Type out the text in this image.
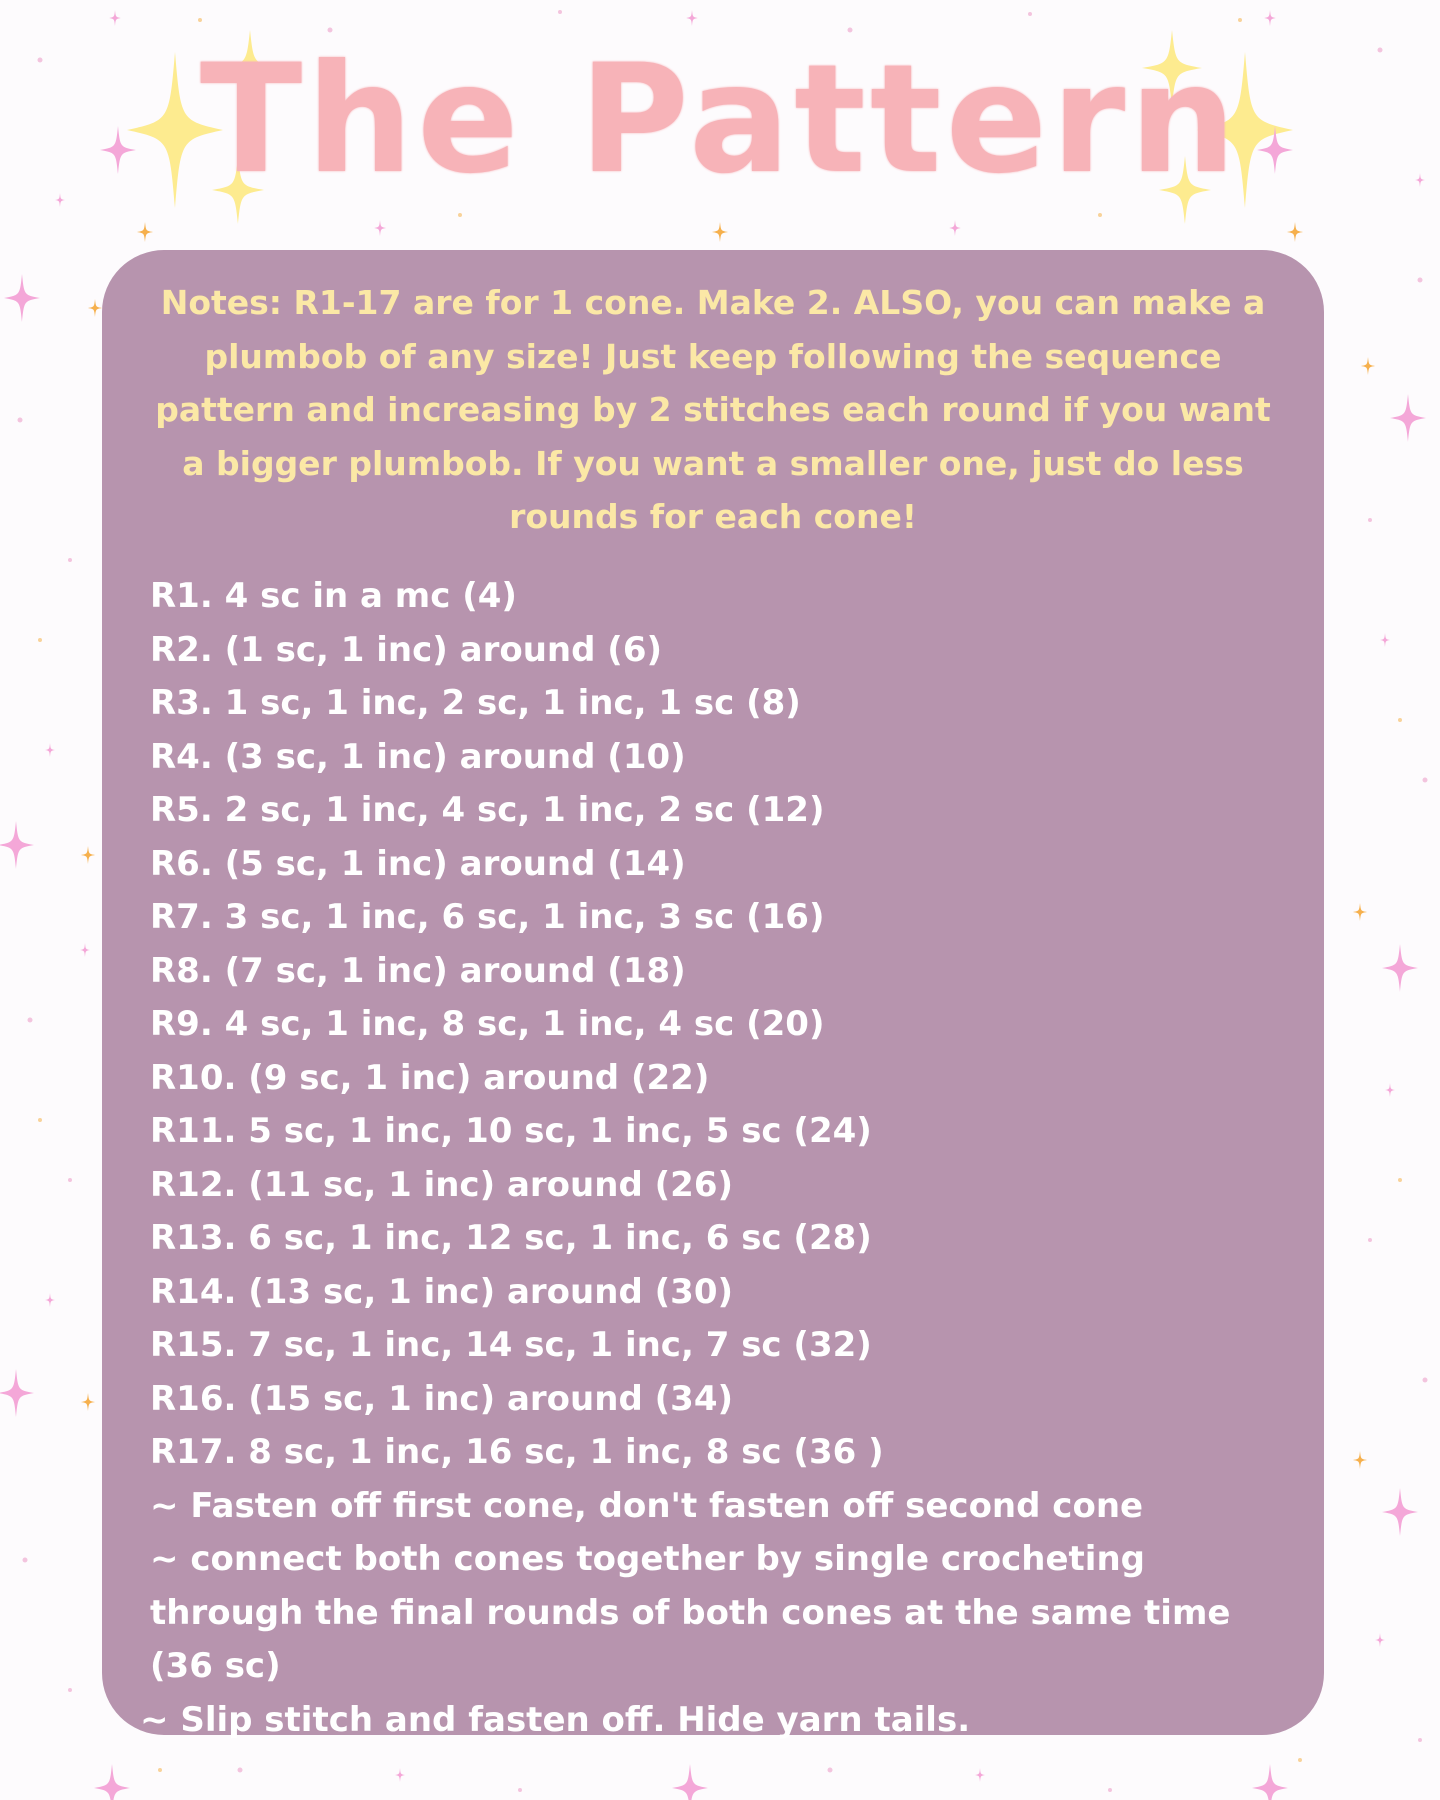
The Pattern

Notes: R1-17 are for 1 cone. Make 2. ALSO, you can make a plumbob of any size! Just keep following the sequence pattern and increasing by 2 stitches each round if you want a bigger plumbob. If you want a smaller one, just do less rounds for each cone!

R1. 4 sc in a mc (4)
R2. (1 sc, 1 inc) around (6)
R3. 1 sc, 1 inc, 2 sc, 1 inc, 1 sc (8)
R4. (3 sc, 1 inc) around (10)
R5. 2 sc, 1 inc, 4 sc, 1 inc, 2 sc (12)
R6. (5 sc, 1 inc) around (14)
R7. 3 sc, 1 inc, 6 sc, 1 inc, 3 sc (16)
R8. (7 sc, 1 inc) around (18)
R9. 4 sc, 1 inc, 8 sc, 1 inc, 4 sc (20)
R10. (9 sc, 1 inc) around (22)
R11. 5 sc, 1 inc, 10 sc, 1 inc, 5 sc (24)
R12. (11 sc, 1 inc) around (26)
R13. 6 sc, 1 inc, 12 sc, 1 inc, 6 sc (28)
R14. (13 sc, 1 inc) around (30)
R15. 7 sc, 1 inc, 14 sc, 1 inc, 7 sc (32)
R16. (15 sc, 1 inc) around (34)
R17. 8 sc, 1 inc, 16 sc, 1 inc, 8 sc (36 )
~ Fasten off first cone, don't fasten off second cone
~ connect both cones together by single crocheting through the final rounds of both cones at the same time (36 sc)
~ Slip stitch and fasten off. Hide yarn tails.
